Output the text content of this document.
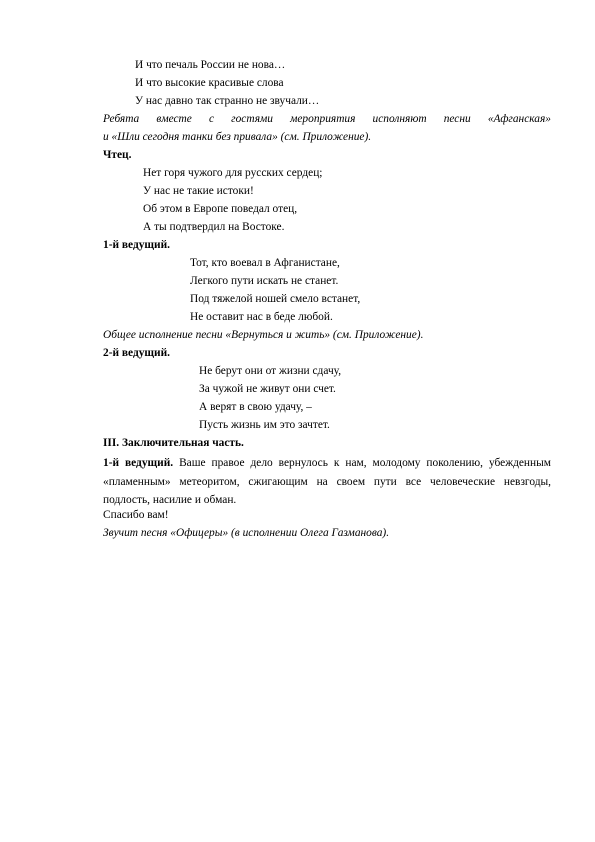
И что печаль России не нова…
И что высокие красивые слова
У нас давно так странно не звучали…
Ребята вместе с гостями мероприятия исполняют песни «Афганская»
и «Шли сегодня танки без привала» (см. Приложение).
Чтец.
Нет горя чужого для русских сердец;
У нас не такие истоки!
Об этом в Европе поведал отец,
А ты подтвердил на Востоке.
1-й ведущий.
Тот, кто воевал в Афганистане,
Легкого пути искать не станет.
Под тяжелой ношей смело встанет,
Не оставит нас в беде любой.
Общее исполнение песни «Вернуться и жить» (см. Приложение).
2-й ведущий.
Не берут они от жизни сдачу,
За чужой не живут они счет.
А верят в свою удачу, –
Пусть жизнь им это зачтет.
III. Заключительная часть.
1-й ведущий. Ваше правое дело вернулось к нам, молодому поколению, убежденным «пламенным» метеоритом, сжигающим на своем пути все человеческие невзгоды, подлость, насилие и обман.
Спасибо вам!
Звучит песня «Офицеры» (в исполнении Олега Газманова).
